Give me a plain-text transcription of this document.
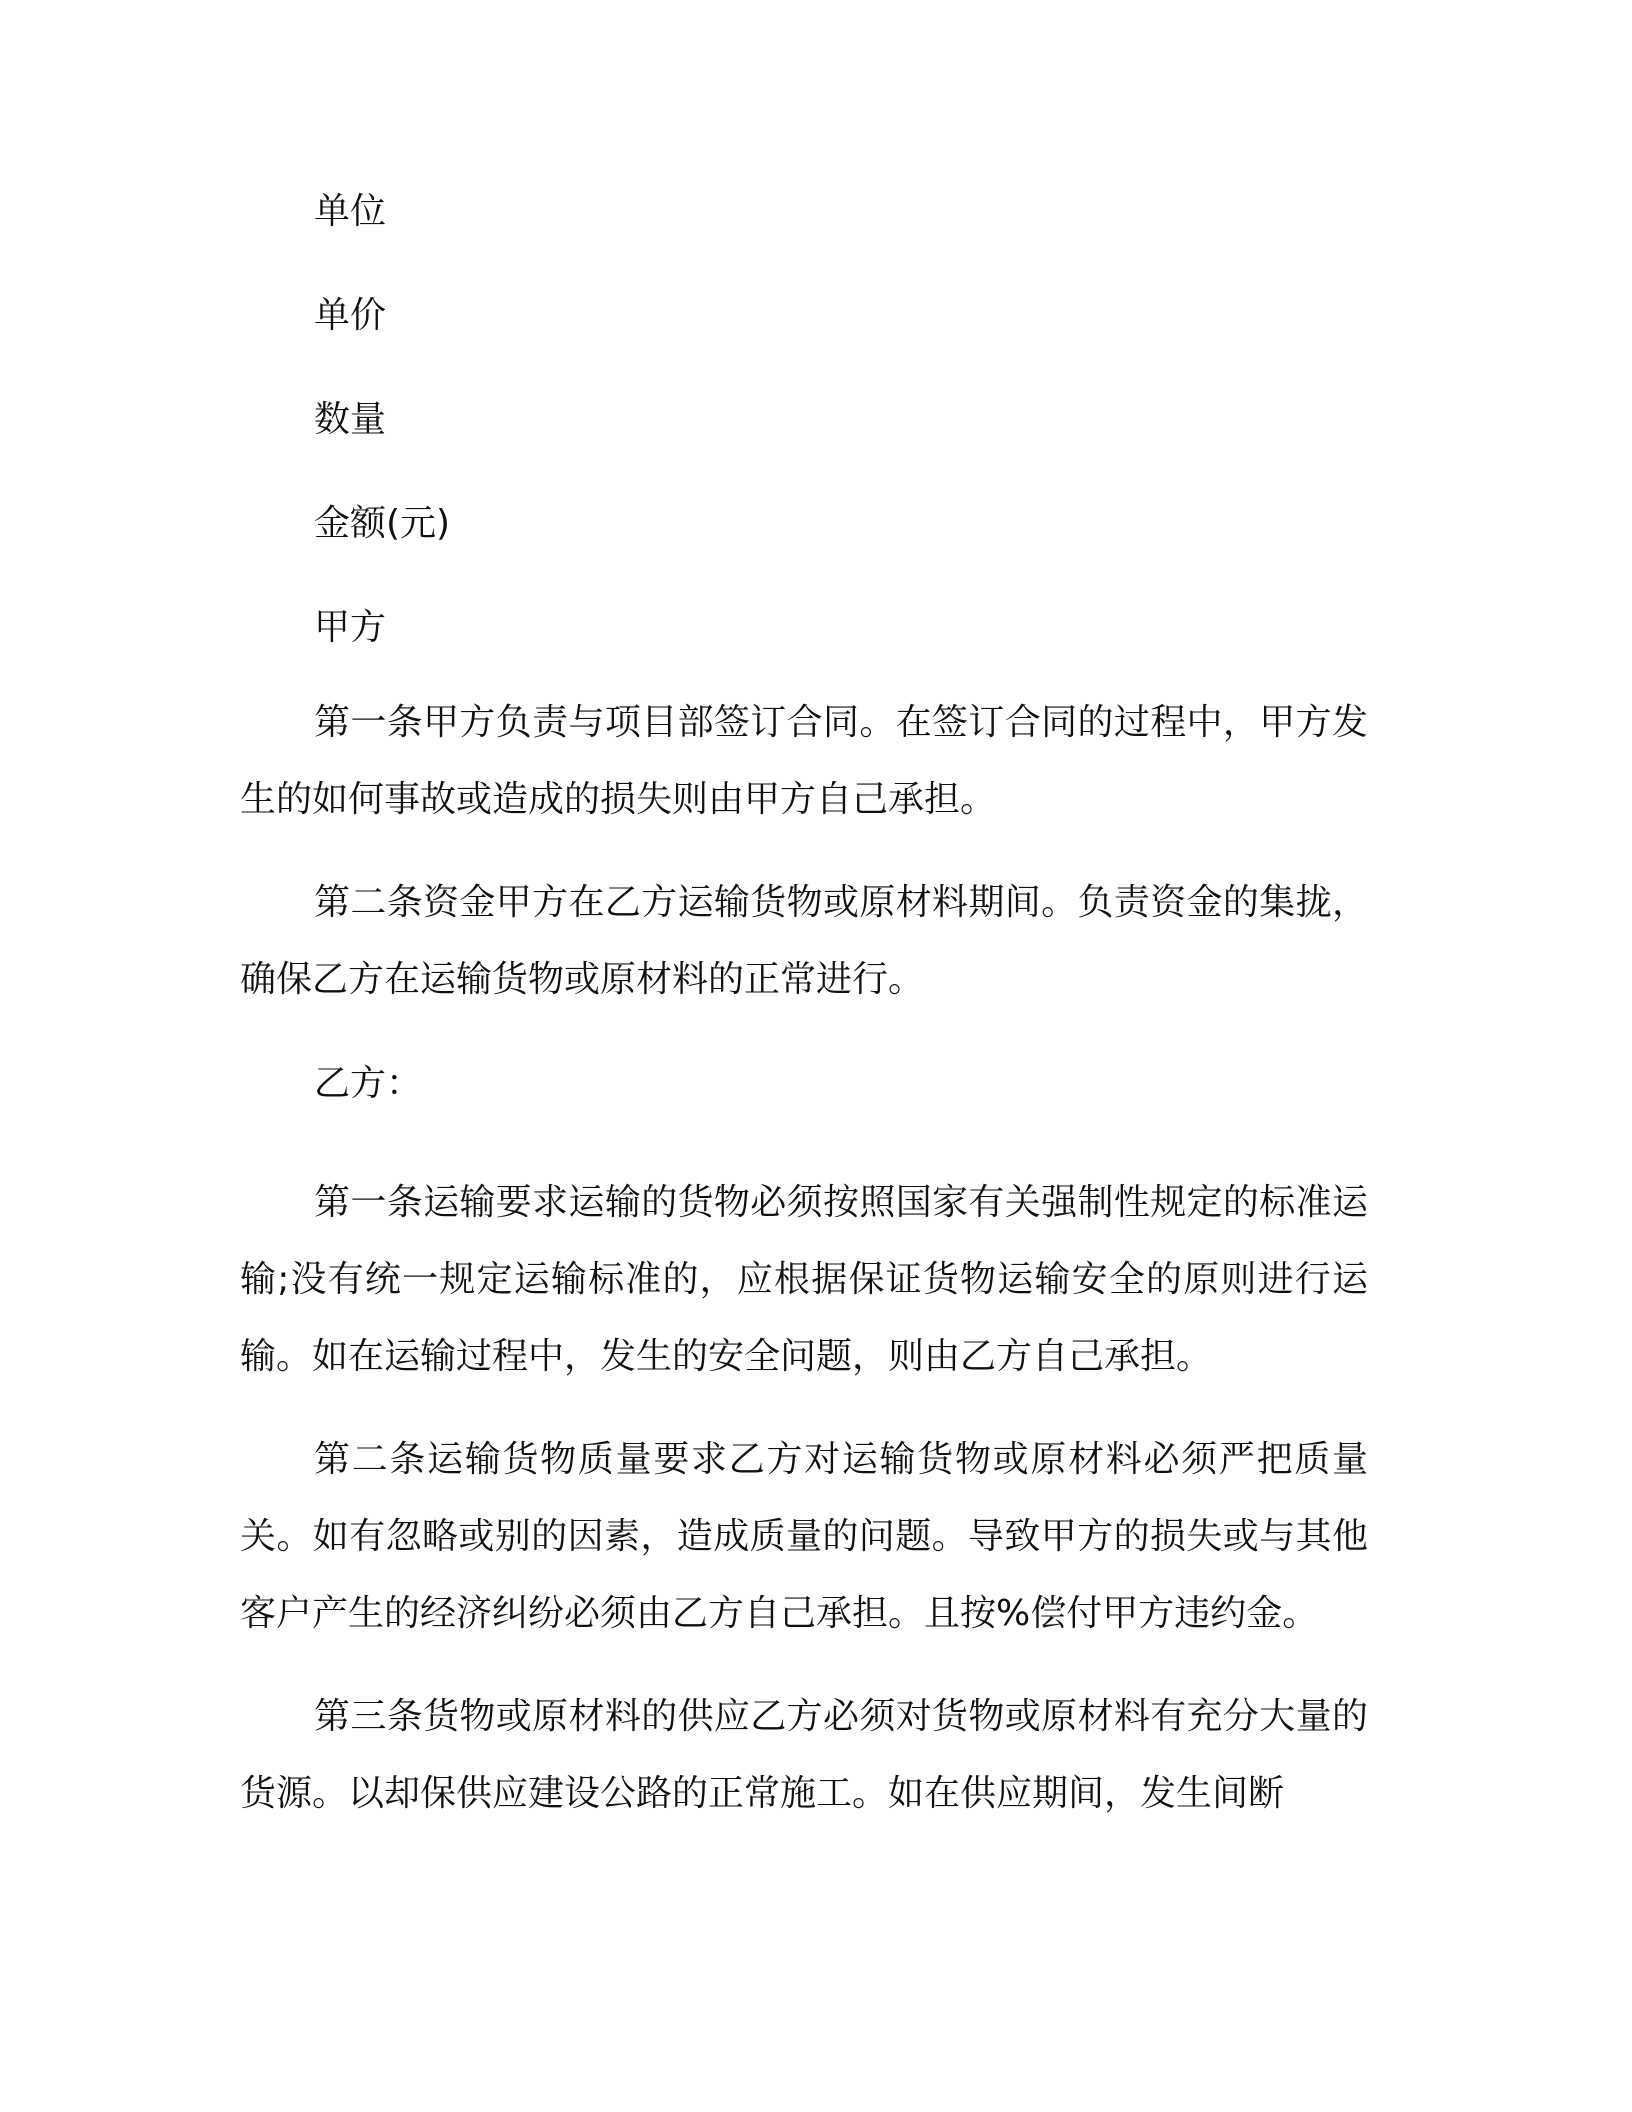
单位
单价
数量
金额(元)
甲方

第一条甲方负责与项目部签订合同。在签订合同的过程中，甲方发生的如何事故或造成的损失则由甲方自己承担。

第二条资金甲方在乙方运输货物或原材料期间。负责资金的集拢，确保乙方在运输货物或原材料的正常进行。

乙方：

第一条运输要求运输的货物必须按照国家有关强制性规定的标准运输;没有统一规定运输标准的，应根据保证货物运输安全的原则进行运输。如在运输过程中，发生的安全问题，则由乙方自己承担。

第二条运输货物质量要求乙方对运输货物或原材料必须严把质量关。如有忽略或别的因素，造成质量的问题。导致甲方的损失或与其他客户产生的经济纠纷必须由乙方自己承担。且按%偿付甲方违约金。

第三条货物或原材料的供应乙方必须对货物或原材料有充分大量的货源。以却保供应建设公路的正常施工。如在供应期间，发生间断
